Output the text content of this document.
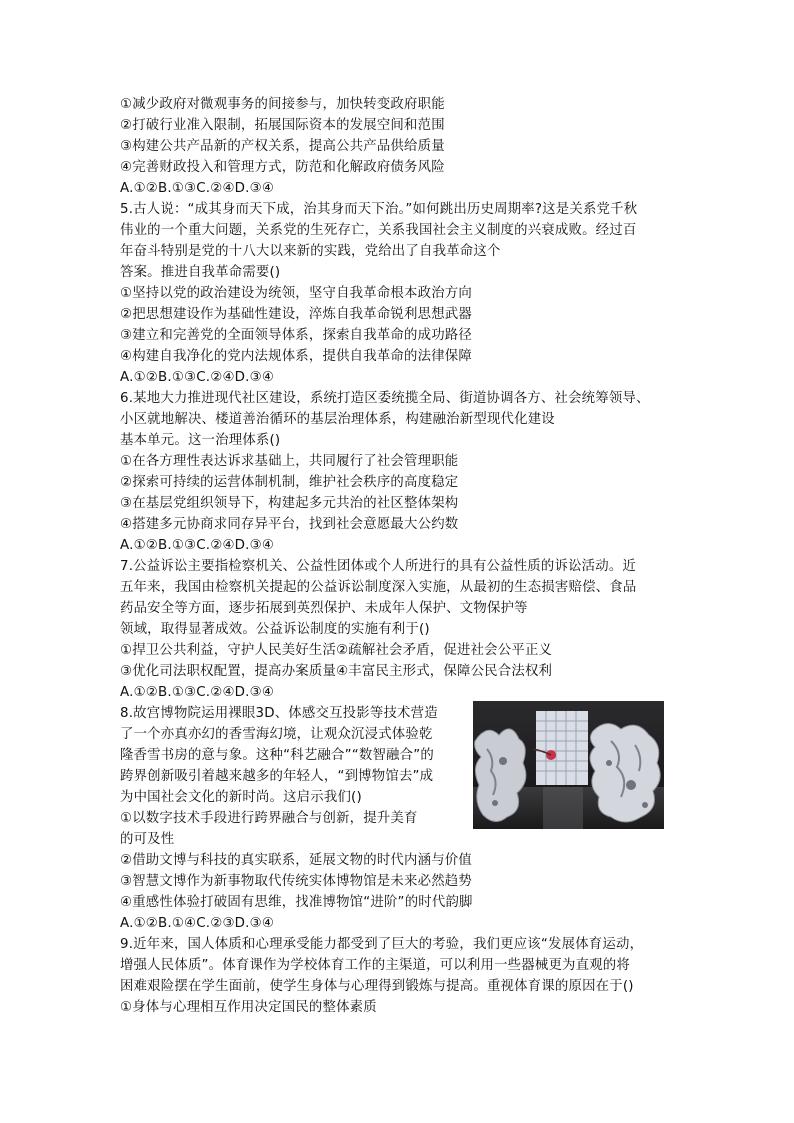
①减少政府对微观事务的间接参与，加快转变政府职能
②打破行业准入限制，拓展国际资本的发展空间和范围
③构建公共产品新的产权关系，提高公共产品供给质量
④完善财政投入和管理方式，防范和化解政府债务风险
A.①②B.①③C.②④D.③④
5.古人说：“成其身而天下成，治其身而天下治。”如何跳出历史周期率?这是关系党千秋
伟业的一个重大问题，关系党的生死存亡，关系我国社会主义制度的兴衰成败。经过百
年奋斗特别是党的十八大以来新的实践，党给出了自我革命这个
答案。推进自我革命需要()
①坚持以党的政治建设为统领，坚守自我革命根本政治方向
②把思想建设作为基础性建设，淬炼自我革命锐利思想武器
③建立和完善党的全面领导体系，探索自我革命的成功路径
④构建自我净化的党内法规体系，提供自我革命的法律保障
A.①②B.①③C.②④D.③④
6.某地大力推进现代社区建设，系统打造区委统揽全局、街道协调各方、社会统筹领导、
小区就地解决、楼道善治循环的基层治理体系，构建融治新型现代化建设
基本单元。这一治理体系()
①在各方理性表达诉求基础上，共同履行了社会管理职能
②探索可持续的运营体制机制，维护社会秩序的高度稳定
③在基层党组织领导下，构建起多元共治的社区整体架构
④搭建多元协商求同存异平台，找到社会意愿最大公约数
A.①②B.①③C.②④D.③④
7.公益诉讼主要指检察机关、公益性团体或个人所进行的具有公益性质的诉讼活动。近
五年来，我国由检察机关提起的公益诉讼制度深入实施，从最初的生态损害赔偿、食品
药品安全等方面，逐步拓展到英烈保护、未成年人保护、文物保护等
领域，取得显著成效。公益诉讼制度的实施有利于()
①捍卫公共利益，守护人民美好生活②疏解社会矛盾，促进社会公平正义
③优化司法职权配置，提高办案质量④丰富民主形式，保障公民合法权利
A.①②B.①③C.②④D.③④
8.故宫博物院运用裸眼3D、体感交互投影等技术营造
了一个亦真亦幻的香雪海幻境，让观众沉浸式体验乾
隆香雪书房的意与象。这种“科艺融合”“数智融合”的
跨界创新吸引着越来越多的年轻人，“到博物馆去”成
为中国社会文化的新时尚。这启示我们()
①以数字技术手段进行跨界融合与创新，提升美育
的可及性
②借助文博与科技的真实联系，延展文物的时代内涵与价值
③智慧文博作为新事物取代传统实体博物馆是未来必然趋势
④重感性体验打破固有思维，找准博物馆“进阶”的时代韵脚
A.①②B.①④C.②③D.③④
9.近年来，国人体质和心理承受能力都受到了巨大的考验，我们更应该“发展体育运动，
增强人民体质”。体育课作为学校体育工作的主渠道，可以利用一些器械更为直观的将
困难艰险摆在学生面前，使学生身体与心理得到锻炼与提高。重视体育课的原因在于()
①身体与心理相互作用决定国民的整体素质
